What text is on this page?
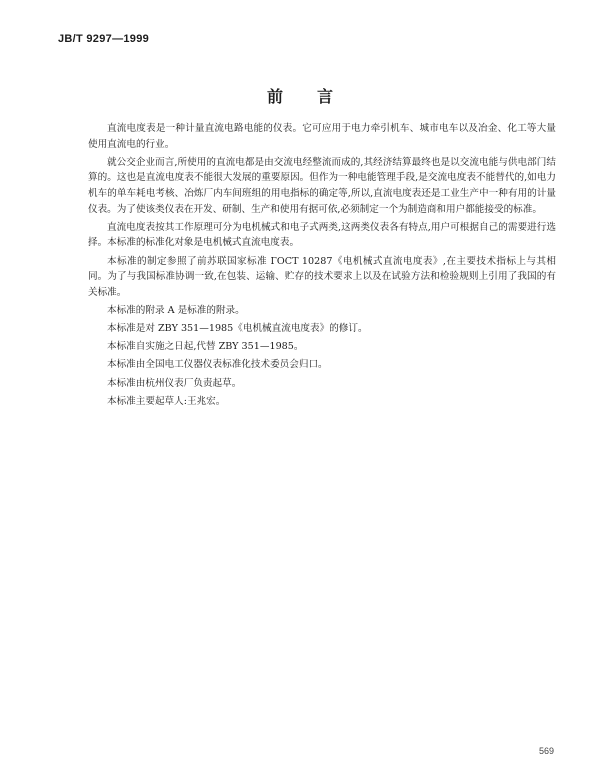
JB/T 9297—1999
前言

直流电度表是一种计量直流电路电能的仪表。它可应用于电力牵引机车、城市电车以及冶金、化工等大量使用直流电的行业。

就公交企业而言,所使用的直流电都是由交流电经整流而成的,其经济结算最终也是以交流电能与供电部门结算的。这也是直流电度表不能很大发展的重要原因。但作为一种电能管理手段,是交流电度表不能替代的,如电力机车的单车耗电考核、冶炼厂内车间班组的用电指标的确定等,所以,直流电度表还是工业生产中一种有用的计量仪表。为了使该类仪表在开发、研制、生产和使用有据可依,必须制定一个为制造商和用户都能接受的标准。

直流电度表按其工作原理可分为电机械式和电子式两类,这两类仪表各有特点,用户可根据自己的需要进行选择。本标准的标准化对象是电机械式直流电度表。

本标准的制定参照了前苏联国家标准 ГОСТ 10287《电机械式直流电度表》,在主要技术指标上与其相同。为了与我国标准协调一致,在包装、运输、贮存的技术要求上以及在试验方法和检验规则上引用了我国的有关标准。

本标准的附录 A 是标准的附录。

本标准是对 ZBY 351—1985《电机械直流电度表》的修订。

本标准自实施之日起,代替 ZBY 351—1985。

本标准由全国电工仪器仪表标准化技术委员会归口。

本标准由杭州仪表厂负责起草。

本标准主要起草人:王兆宏。

569
